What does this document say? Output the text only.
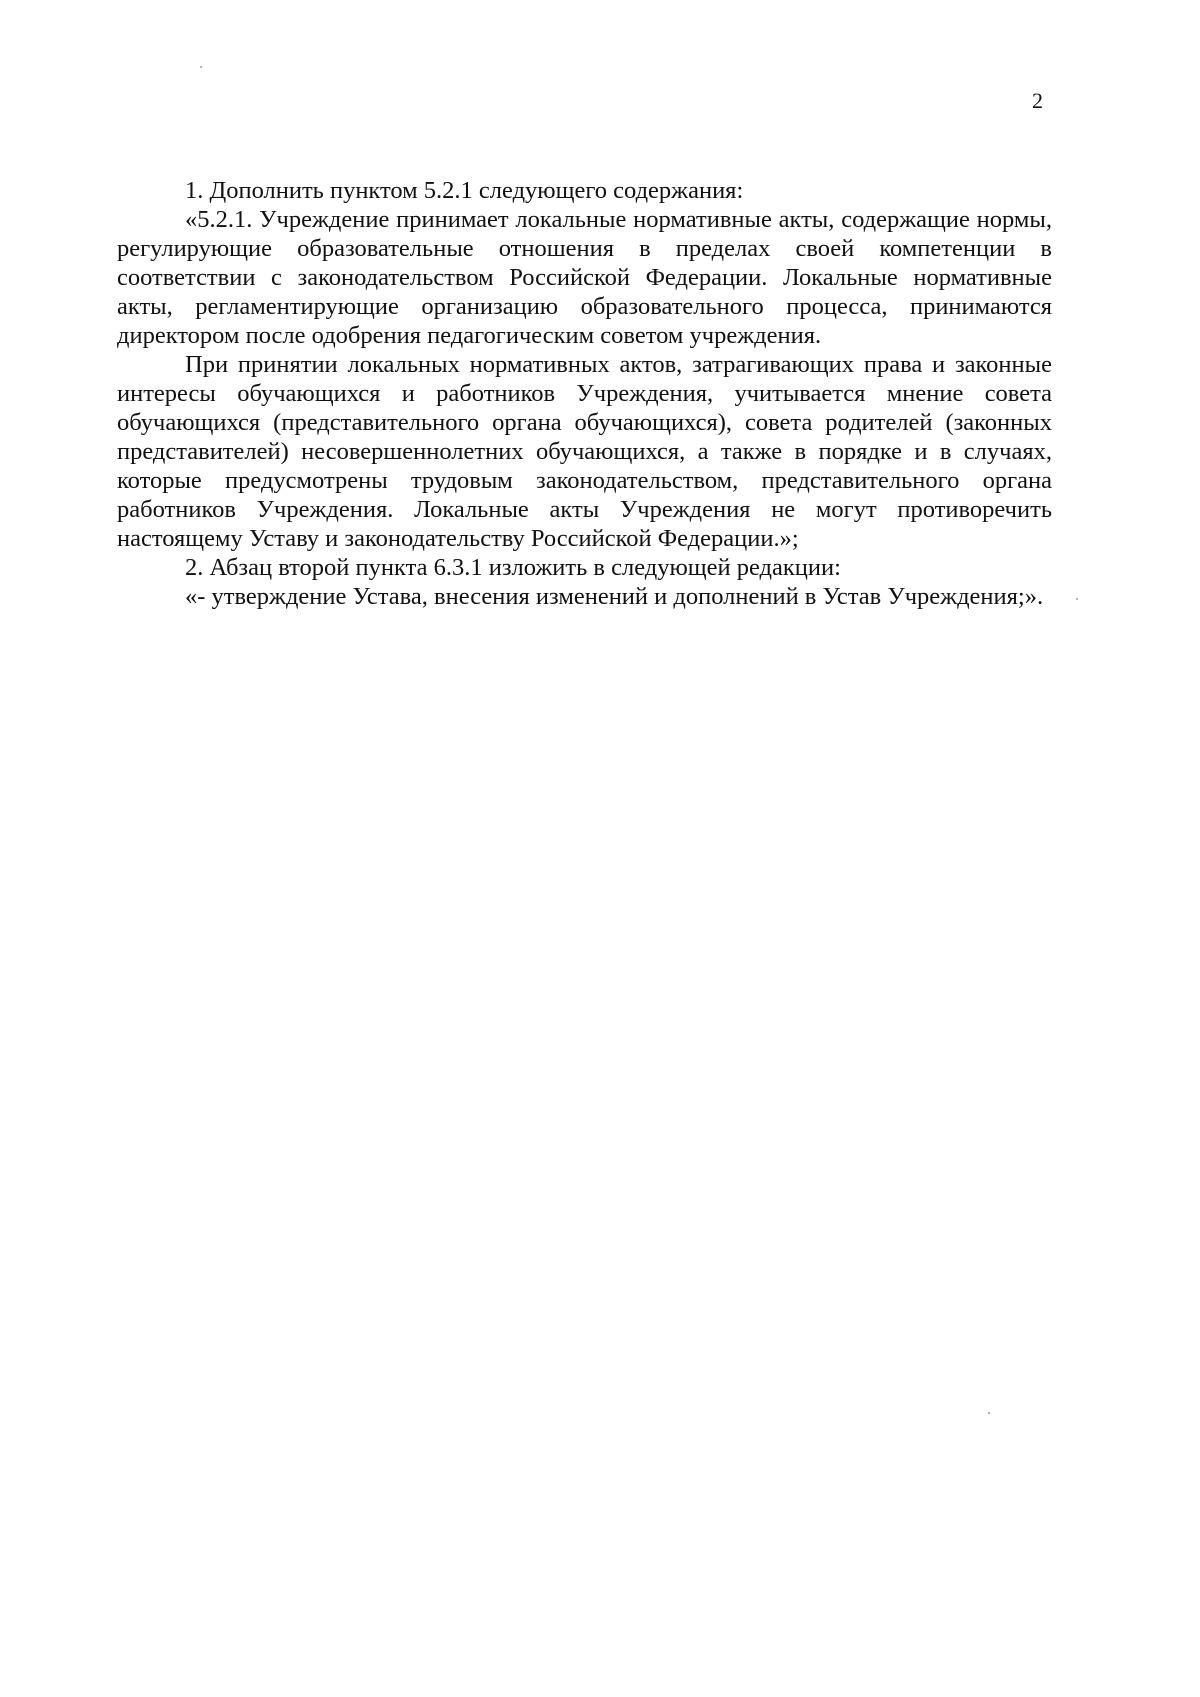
2

1. Дополнить пунктом 5.2.1 следующего содержания:

«5.2.1. Учреждение принимает локальные нормативные акты, содержащие нормы, регулирующие образовательные отношения в пределах своей компетенции в соответствии с законодательством Российской Федерации. Локальные нормативные акты, регламентирующие организацию образовательного процесса, принимаются директором после одобрения педагогическим советом учреждения.

При принятии локальных нормативных актов, затрагивающих права и законные интересы обучающихся и работников Учреждения, учитывается мнение совета обучающихся (представительного органа обучающихся), совета родителей (законных представителей) несовершеннолетних обучающихся, а также в порядке и в случаях, которые предусмотрены трудовым законодательством, представительного органа работников Учреждения. Локальные акты Учреждения не могут противоречить настоящему Уставу и законодательству Российской Федерации.»;

2. Абзац второй пункта 6.3.1 изложить в следующей редакции:

«- утверждение Устава, внесения изменений и дополнений в Устав Учреждения;».
